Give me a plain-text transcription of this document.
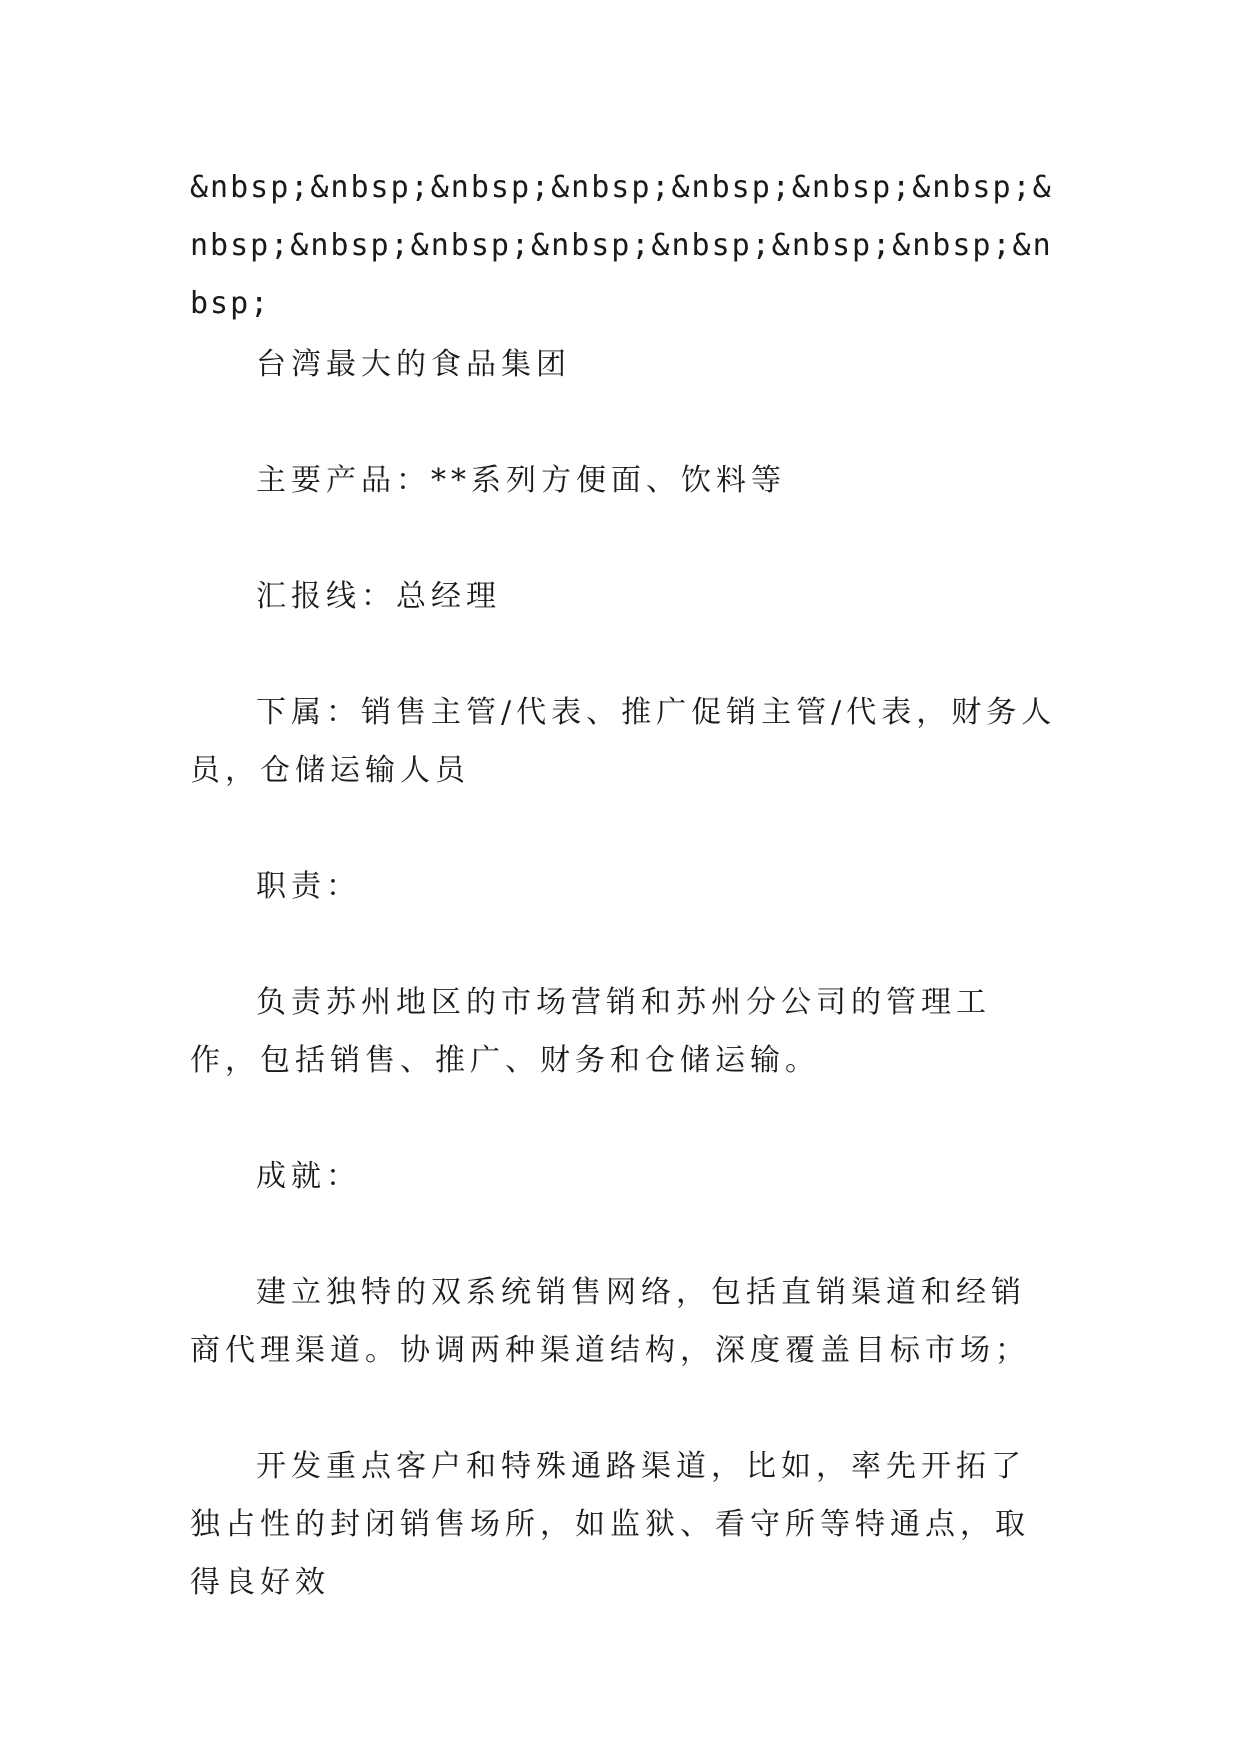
&nbsp;&nbsp;&nbsp;&nbsp;&nbsp;&nbsp;&nbsp;&nbsp;&nbsp;&nbsp;&nbsp;&nbsp;&nbsp;&nbsp;&nbsp;

台湾最大的食品集团

主要产品：**系列方便面、饮料等

汇报线：总经理

下属：销售主管/代表、推广促销主管/代表，财务人员，仓储运输人员

职责：

负责苏州地区的市场营销和苏州分公司的管理工作，包括销售、推广、财务和仓储运输。

成就：

建立独特的双系统销售网络，包括直销渠道和经销商代理渠道。协调两种渠道结构，深度覆盖目标市场；

开发重点客户和特殊通路渠道，比如，率先开拓了独占性的封闭销售场所，如监狱、看守所等特通点，取得良好效
